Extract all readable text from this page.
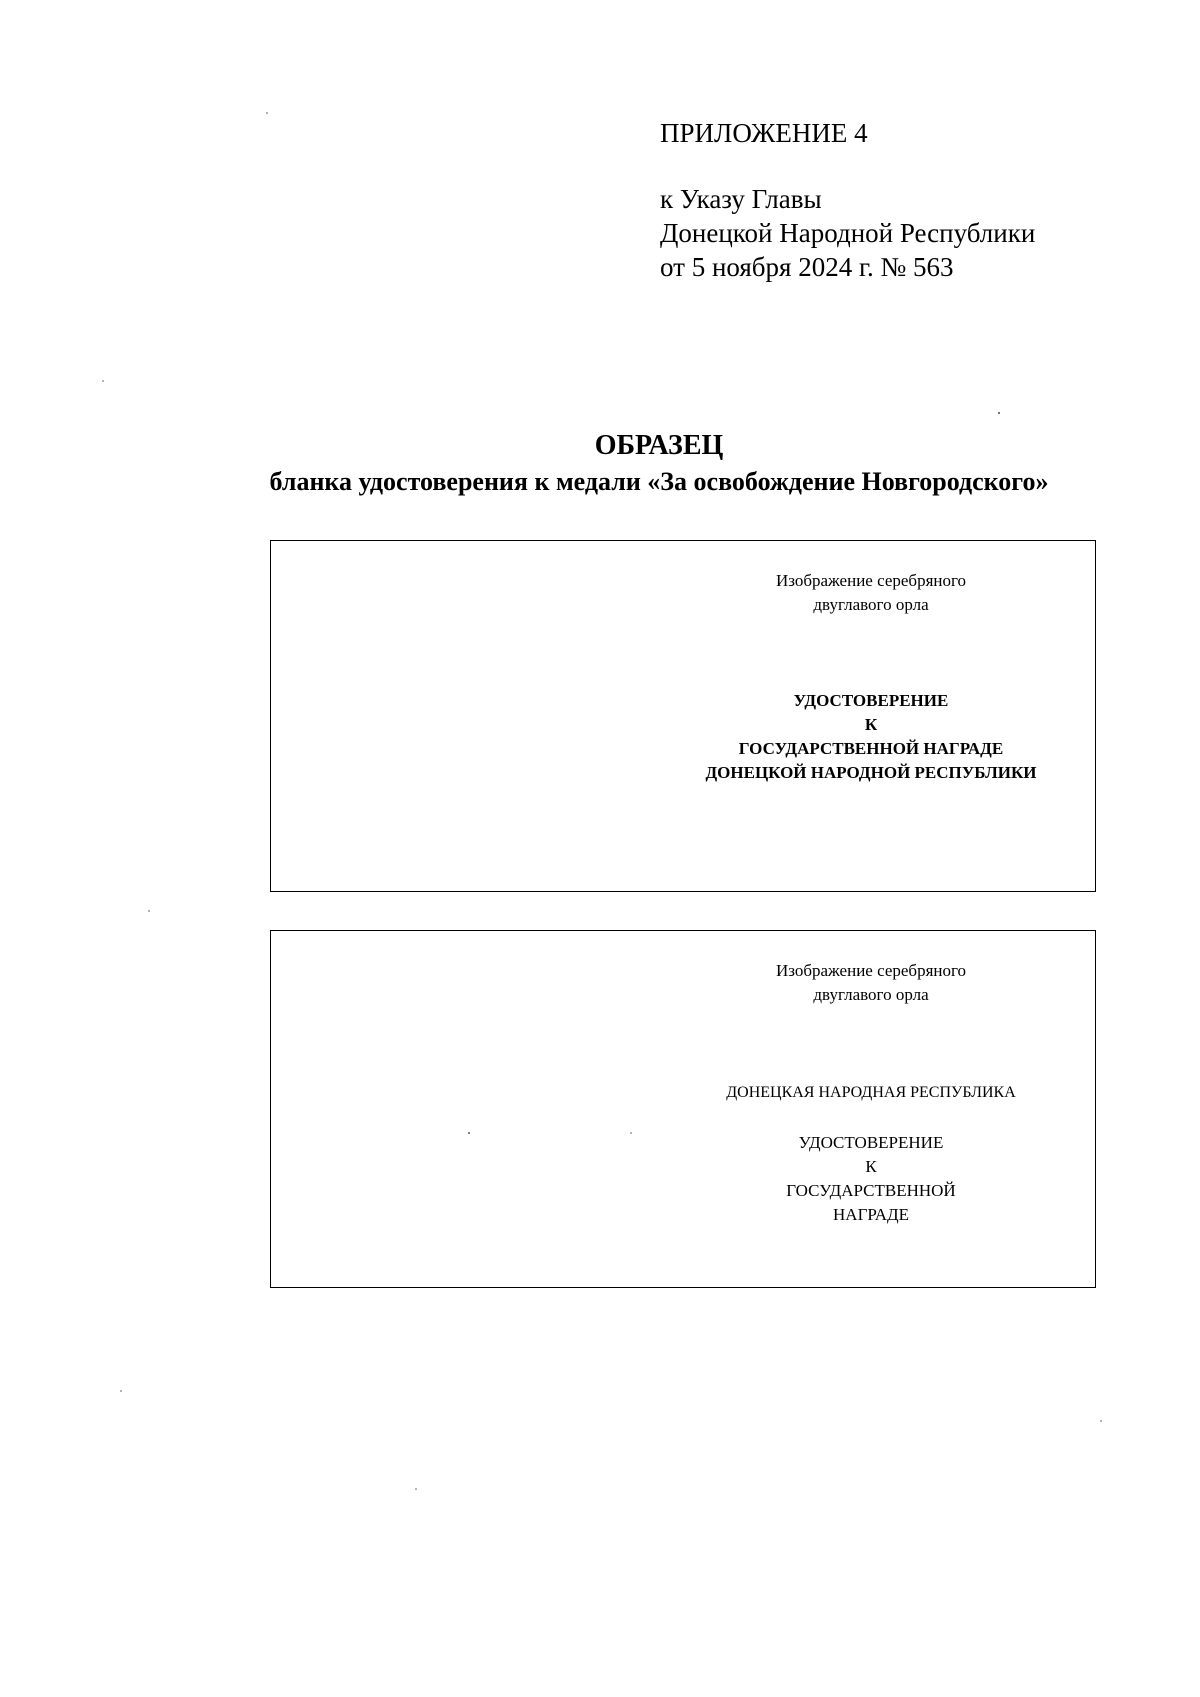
ПРИЛОЖЕНИЕ 4
к Указу Главы
Донецкой Народной Республики
от 5 ноября 2024 г. № 563
ОБРАЗЕЦ
бланка удостоверения к медали «За освобождение Новгородского»
Изображение серебряного
двуглавого орла
УДОСТОВЕРЕНИЕ
К
ГОСУДАРСТВЕННОЙ НАГРАДЕ
ДОНЕЦКОЙ НАРОДНОЙ РЕСПУБЛИКИ
Изображение серебряного
двуглавого орла
ДОНЕЦКАЯ НАРОДНАЯ РЕСПУБЛИКА
УДОСТОВЕРЕНИЕ
К
ГОСУДАРСТВЕННОЙ
НАГРАДЕ
